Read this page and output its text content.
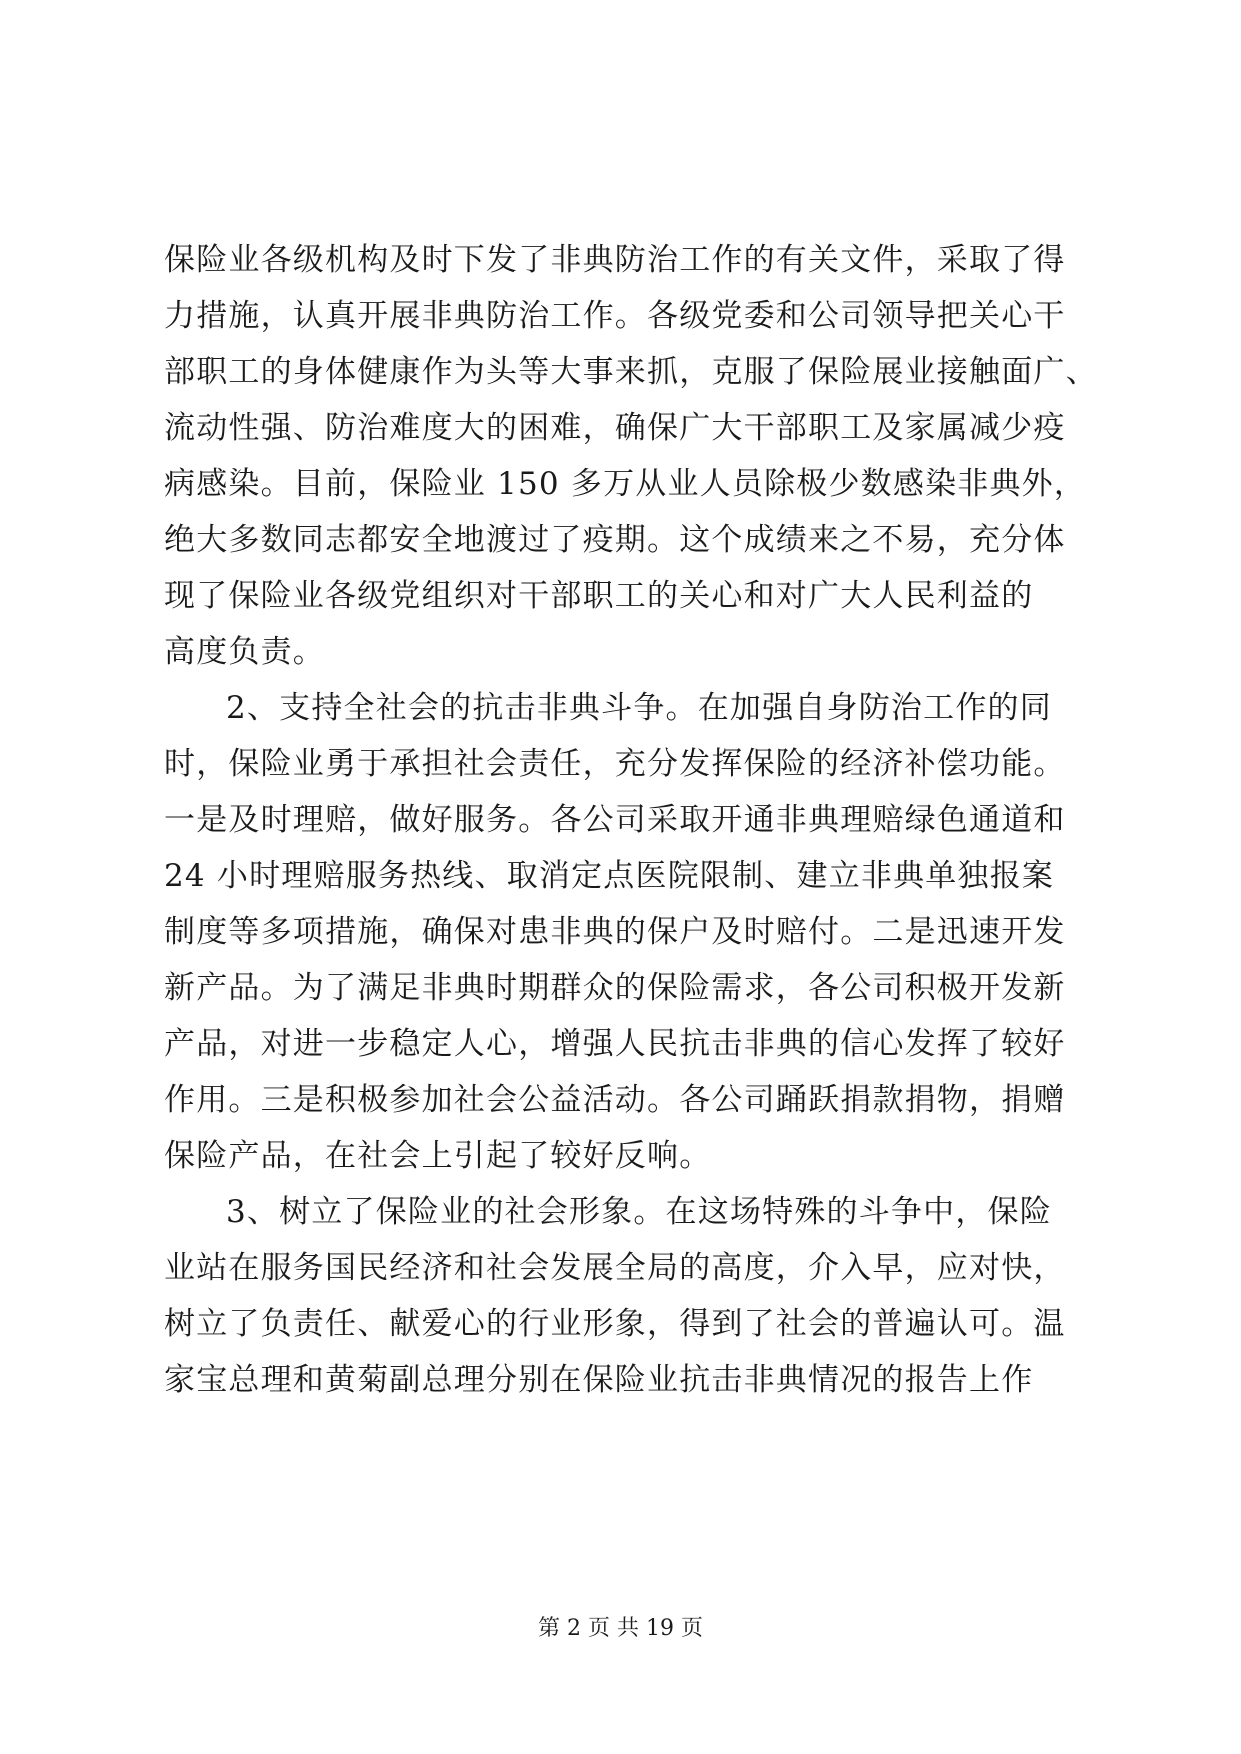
保险业各级机构及时下发了非典防治工作的有关文件，采取了得
力措施，认真开展非典防治工作。各级党委和公司领导把关心干
部职工的身体健康作为头等大事来抓，克服了保险展业接触面广、
流动性强、防治难度大的困难，确保广大干部职工及家属减少疫
病感染。目前，保险业 150 多万从业人员除极少数感染非典外，
绝大多数同志都安全地渡过了疫期。这个成绩来之不易，充分体
现了保险业各级党组织对干部职工的关心和对广大人民利益的
高度负责。
2、支持全社会的抗击非典斗争。在加强自身防治工作的同
时，保险业勇于承担社会责任，充分发挥保险的经济补偿功能。
一是及时理赔，做好服务。各公司采取开通非典理赔绿色通道和
24 小时理赔服务热线、取消定点医院限制、建立非典单独报案
制度等多项措施，确保对患非典的保户及时赔付。二是迅速开发
新产品。为了满足非典时期群众的保险需求，各公司积极开发新
产品，对进一步稳定人心，增强人民抗击非典的信心发挥了较好
作用。三是积极参加社会公益活动。各公司踊跃捐款捐物，捐赠
保险产品，在社会上引起了较好反响。
3、树立了保险业的社会形象。在这场特殊的斗争中，保险
业站在服务国民经济和社会发展全局的高度，介入早，应对快，
树立了负责任、献爱心的行业形象，得到了社会的普遍认可。温
家宝总理和黄菊副总理分别在保险业抗击非典情况的报告上作
第 2 页 共 19 页
